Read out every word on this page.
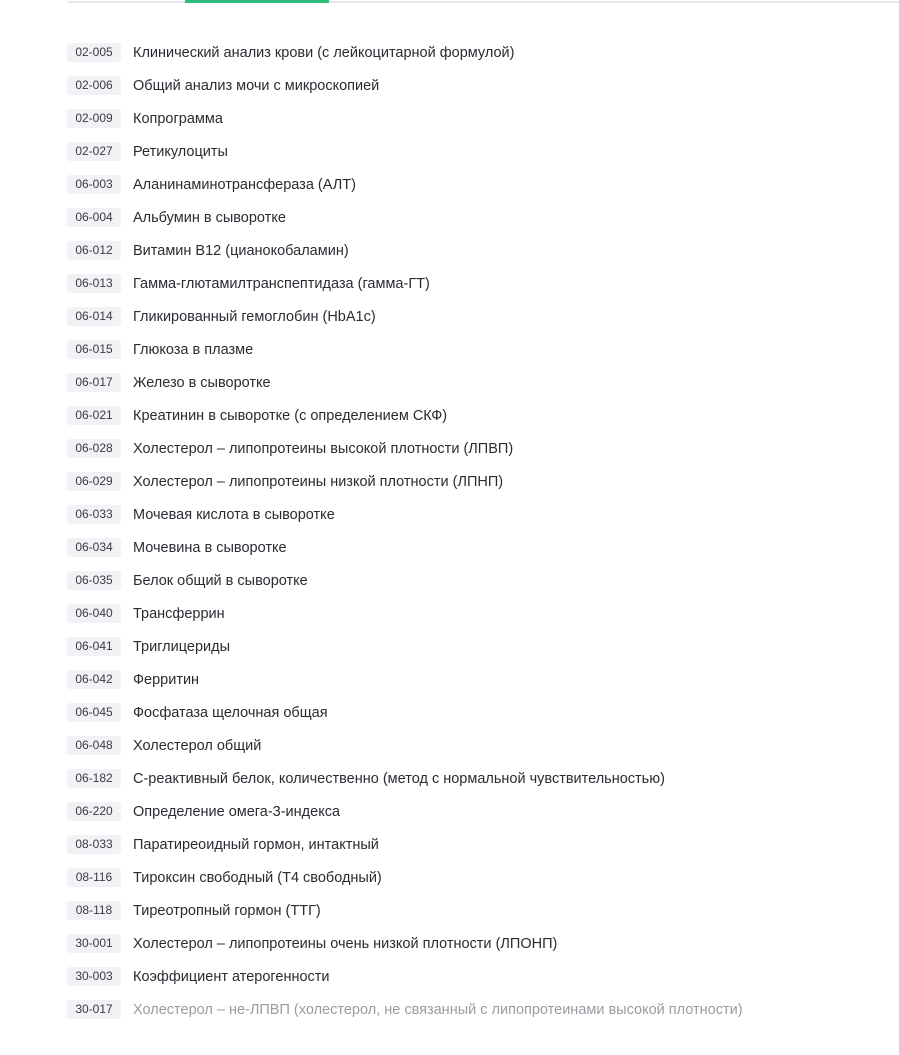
02-005	Клинический анализ крови (с лейкоцитарной формулой)
02-006	Общий анализ мочи с микроскопией
02-009	Копрограмма
02-027	Ретикулоциты
06-003	Аланинаминотрансфераза (АЛТ)
06-004	Альбумин в сыворотке
06-012	Витамин B12 (цианокобаламин)
06-013	Гамма-глютамилтранспептидаза (гамма-ГТ)
06-014	Гликированный гемоглобин (HbA1c)
06-015	Глюкоза в плазме
06-017	Железо в сыворотке
06-021	Креатинин в сыворотке (с определением СКФ)
06-028	Холестерол – липопротеины высокой плотности (ЛПВП)
06-029	Холестерол – липопротеины низкой плотности (ЛПНП)
06-033	Мочевая кислота в сыворотке
06-034	Мочевина в сыворотке
06-035	Белок общий в сыворотке
06-040	Трансферрин
06-041	Триглицериды
06-042	Ферритин
06-045	Фосфатаза щелочная общая
06-048	Холестерол общий
06-182	С-реактивный белок, количественно (метод с нормальной чувствительностью)
06-220	Определение омега-3-индекса
08-033	Паратиреоидный гормон, интактный
08-116	Тироксин свободный (Т4 свободный)
08-118	Тиреотропный гормон (ТТГ)
30-001	Холестерол – липопротеины очень низкой плотности (ЛПОНП)
30-003	Коэффициент атерогенности
30-017	Холестерол – не-ЛПВП (холестерол, не связанный с липопротеинами высокой плотности)
